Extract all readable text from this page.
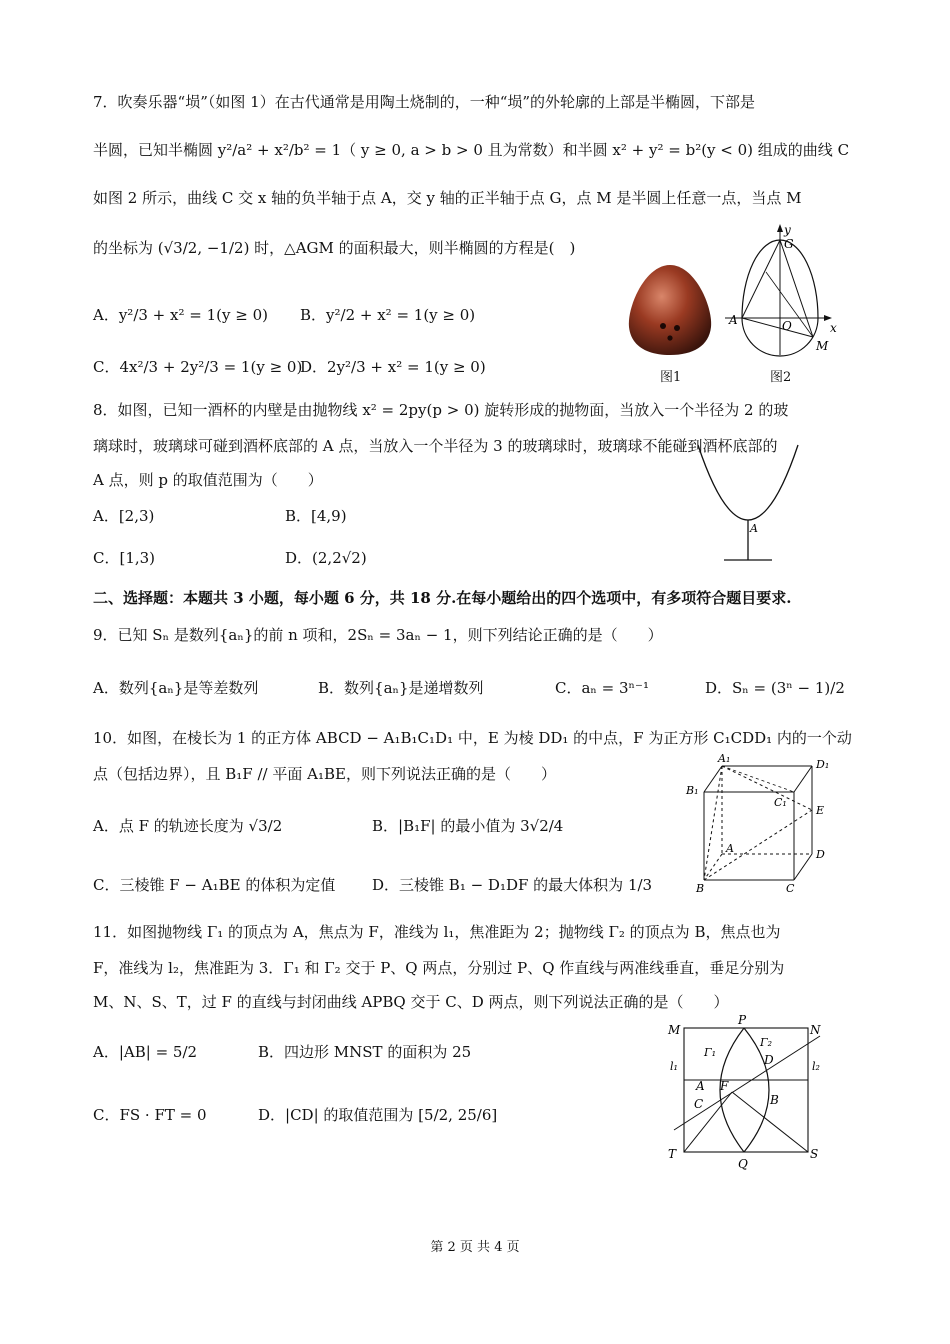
7．吹奏乐器“埙”（如图 1）在古代通常是用陶土烧制的，一种“埙”的外轮廓的上部是半椭圆，下部是
半圆，已知半椭圆 y²/a² + x²/b² = 1（ y ≥ 0, a > b > 0 且为常数）和半圆 x² + y² = b²(y < 0) 组成的曲线 C
如图 2 所示，曲线 C 交 x 轴的负半轴于点 A，交 y 轴的正半轴于点 G，点 M 是半圆上任意一点，当点 M
的坐标为 (√3/2, −1/2) 时，△AGM 的面积最大，则半椭圆的方程是(　)
A．y²/3 + x² = 1(y ≥ 0) B．y²/2 + x² = 1(y ≥ 0)
C．4x²/3 + 2y²/3 = 1(y ≥ 0)
D．2y²/3 + x² = 1(y ≥ 0)
图1
y
G
A	O	x
M
图2
8．如图，已知一酒杯的内壁是由抛物线 x² = 2py(p > 0) 旋转形成的抛物面，当放入一个半径为 2 的玻
璃球时，玻璃球可碰到酒杯底部的 A 点，当放入一个半径为 3 的玻璃球时，玻璃球不能碰到酒杯底部的
A 点，则 p 的取值范围为（　　）
A．[2,3)	B．[4,9)
C．[1,3)	D．(2,2√2)
A
二、选择题：本题共 3 小题，每小题 6 分，共 18 分.在每小题给出的四个选项中，有多项符合题目要求.
9．已知 Sₙ 是数列{aₙ}的前 n 项和，2Sₙ = 3aₙ − 1，则下列结论正确的是（　　）
A．数列{aₙ}是等差数列	B．数列{aₙ}是递增数列	C．aₙ = 3ⁿ⁻¹	D．Sₙ = (3ⁿ − 1)/2
10．如图，在棱长为 1 的正方体 ABCD − A₁B₁C₁D₁ 中，E 为棱 DD₁ 的中点，F 为正方形 C₁CDD₁ 内的一个动
点（包括边界），且 B₁F // 平面 A₁BE，则下列说法正确的是（　　）
A．点 F 的轨迹长度为 √3/2	B．|B₁F| 的最小值为 3√2/4
C．三棱锥 F − A₁BE 的体积为定值 D．三棱锥 B₁ − D₁DF 的最大体积为 1/3
A₁	D₁
B₁
C₁
E
A	D
B	C
11．如图抛物线 Γ₁ 的顶点为 A，焦点为 F，准线为 l₁，焦准距为 2；抛物线 Γ₂ 的顶点为 B，焦点也为
F，准线为 l₂，焦准距为 3．Γ₁ 和 Γ₂ 交于 P、Q 两点，分别过 P、Q 作直线与两准线垂直，垂足分别为
M、N、S、T，过 F 的直线与封闭曲线 APBQ 交于 C、D 两点，则下列说法正确的是（　　）
A．|AB| = 5/2	B．四边形 MNST 的面积为 25
C．FS · FT = 0	D．|CD| 的取值范围为 [5/2, 25/6]
M
P
N
Γ₁
Γ₂
D
l₁	l₂
A F
C	B
T
Q
S
第 2 页 共 4 页
